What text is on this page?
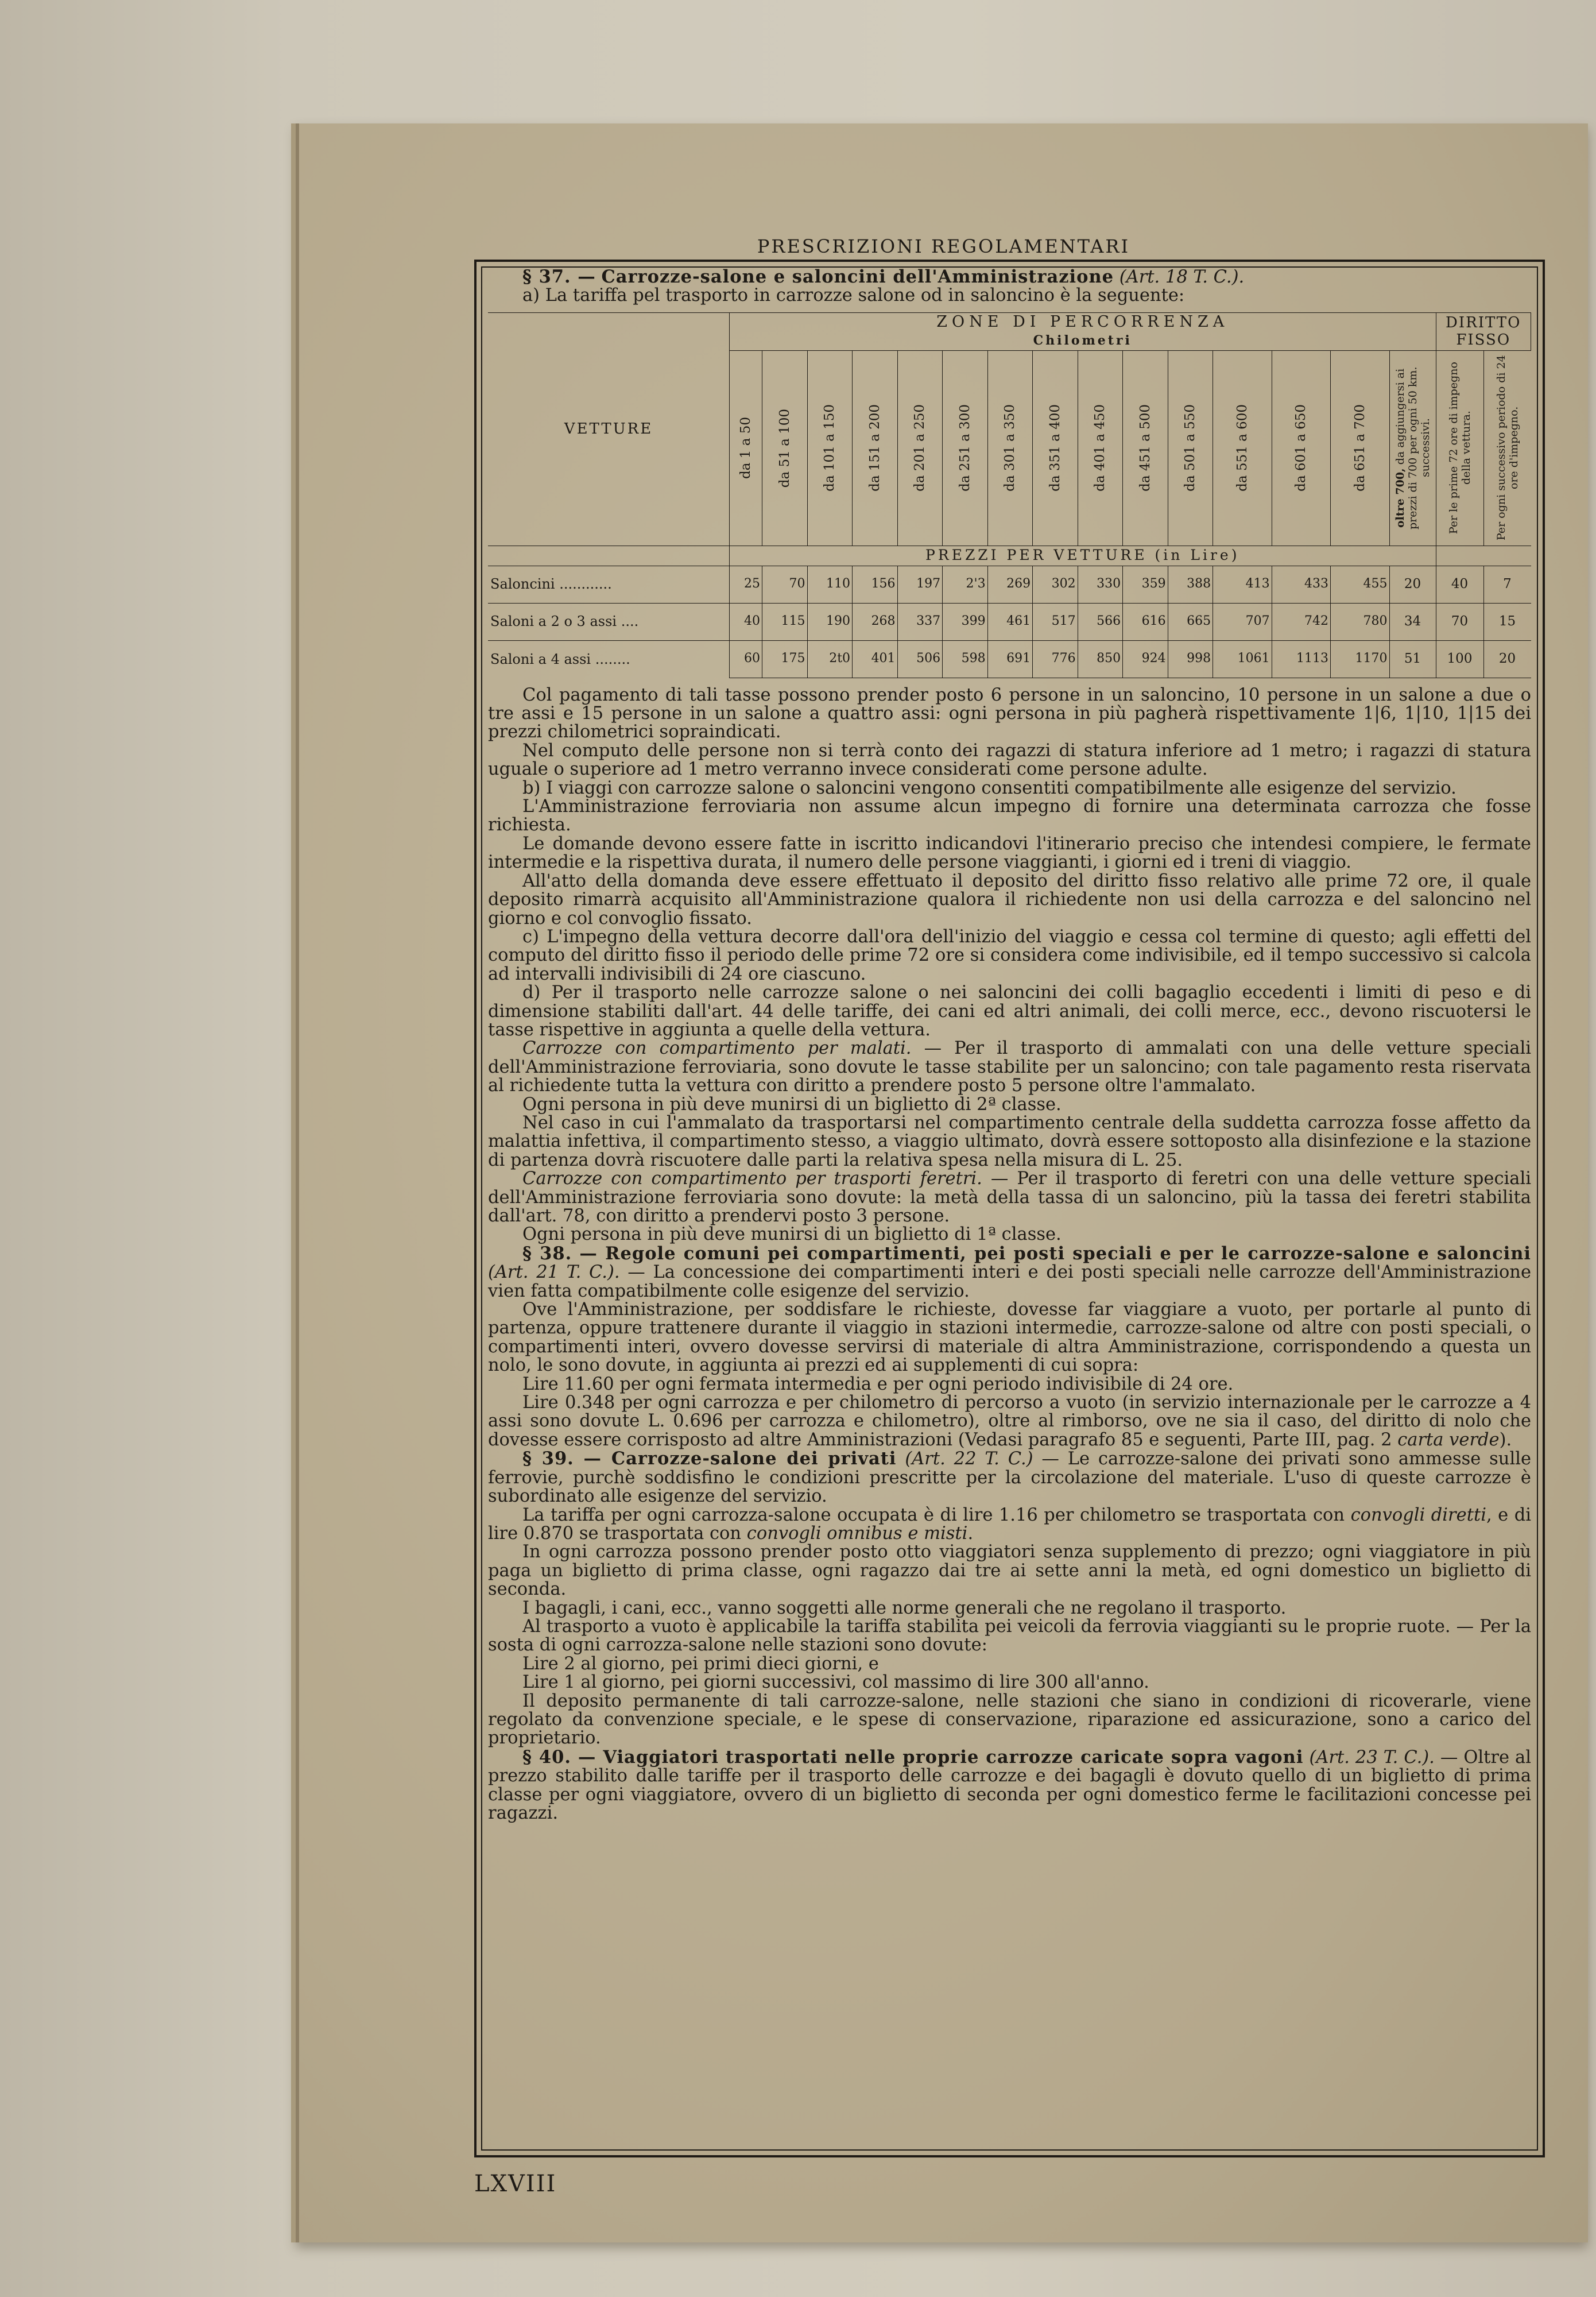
PRESCRIZIONI REGOLAMENTARI

§ 37. — Carrozze-salone e saloncini dell'Amministrazione (Art. 18 T. C.).

a) La tariffa pel trasporto in carrozze salone od in saloncino è la seguente:

VETTURE	ZONE DI PERCORRENZA
Chilometri															DIRITTO FISSO	

	da 1 a 50	da 51 a 100	da 101 a 150	da 151 a 200	da 201 a 250	da 251 a 300	da 301 a 350	da 351 a 400	da 401 a 450	da 451 a 500	da 501 a 550	da 551 a 600	da 601 a 650	da 651 a 700	oltre 700, da aggiungersi ai prezzi di 700 per ogni 50 km. successivi.	Per le prime 72 ore di impegno della vettura.	Per ogni successivo periodo di 24 ore d'impegno.

	PREZZI PER VETTURE (in Lire)																
Saloncini ............	25	70	110	156	197	2'3	269	302	330	359	388	413	433	455	20	40	7
Saloni a 2 o 3 assi ....	40	115	190	268	337	399	461	517	566	616	665	707	742	780	34	70	15
Saloni a 4 assi ........	60	175	2t0	401	506	598	691	776	850	924	998	1061	1113	1170	51	100	20

Col pagamento di tali tasse possono prender posto 6 persone in un saloncino, 10 persone in un salone a due o tre assi e 15 persone in un salone a quattro assi: ogni persona in più pagherà rispettivamente 1|6, 1|10, 1|15 dei prezzi chilometrici sopraindicati.

Nel computo delle persone non si terrà conto dei ragazzi di statura inferiore ad 1 metro; i ragazzi di statura uguale o superiore ad 1 metro verranno invece considerati come persone adulte.

b) I viaggi con carrozze salone o saloncini vengono consentiti compatibilmente alle esigenze del servizio.

L'Amministrazione ferroviaria non assume alcun impegno di fornire una determinata carrozza che fosse richiesta.

Le domande devono essere fatte in iscritto indicandovi l'itinerario preciso che intendesi compiere, le fermate intermedie e la rispettiva durata, il numero delle persone viaggianti, i giorni ed i treni di viaggio.

All'atto della domanda deve essere effettuato il deposito del diritto fisso relativo alle prime 72 ore, il quale deposito rimarrà acquisito all'Amministrazione qualora il richiedente non usi della carrozza e del saloncino nel giorno e col convoglio fissato.

c) L'impegno della vettura decorre dall'ora dell'inizio del viaggio e cessa col termine di questo; agli effetti del computo del diritto fisso il periodo delle prime 72 ore si considera come indivisibile, ed il tempo successivo si calcola ad intervalli indivisibili di 24 ore ciascuno.

d) Per il trasporto nelle carrozze salone o nei saloncini dei colli bagaglio eccedenti i limiti di peso e di dimensione stabiliti dall'art. 44 delle tariffe, dei cani ed altri animali, dei colli merce, ecc., devono riscuotersi le tasse rispettive in aggiunta a quelle della vettura.

Carrozze con compartimento per malati. — Per il trasporto di ammalati con una delle vetture speciali dell'Amministrazione ferroviaria, sono dovute le tasse stabilite per un saloncino; con tale pagamento resta riservata al richiedente tutta la vettura con diritto a prendere posto 5 persone oltre l'ammalato.

Ogni persona in più deve munirsi di un biglietto di 2ª classe.

Nel caso in cui l'ammalato da trasportarsi nel compartimento centrale della suddetta carrozza fosse affetto da malattia infettiva, il compartimento stesso, a viaggio ultimato, dovrà essere sottoposto alla disinfezione e la stazione di partenza dovrà riscuotere dalle parti la relativa spesa nella misura di L. 25.

Carrozze con compartimento per trasporti feretri. — Per il trasporto di feretri con una delle vetture speciali dell'Amministrazione ferroviaria sono dovute: la metà della tassa di un saloncino, più la tassa dei feretri stabilita dall'art. 78, con diritto a prendervi posto 3 persone.

Ogni persona in più deve munirsi di un biglietto di 1ª classe.

§ 38. — Regole comuni pei compartimenti, pei posti speciali e per le carrozze-salone e saloncini (Art. 21 T. C.). — La concessione dei compartimenti interi e dei posti speciali nelle carrozze dell'Amministrazione vien fatta compatibilmente colle esigenze del servizio.

Ove l'Amministrazione, per soddisfare le richieste, dovesse far viaggiare a vuoto, per portarle al punto di partenza, oppure trattenere durante il viaggio in stazioni intermedie, carrozze-salone od altre con posti speciali, o compartimenti interi, ovvero dovesse servirsi di materiale di altra Amministrazione, corrispondendo a questa un nolo, le sono dovute, in aggiunta ai prezzi ed ai supplementi di cui sopra:

Lire 11.60 per ogni fermata intermedia e per ogni periodo indivisibile di 24 ore.

Lire 0.348 per ogni carrozza e per chilometro di percorso a vuoto (in servizio internazionale per le carrozze a 4 assi sono dovute L. 0.696 per carrozza e chilometro), oltre al rimborso, ove ne sia il caso, del diritto di nolo che dovesse essere corrisposto ad altre Amministrazioni (Vedasi paragrafo 85 e seguenti, Parte III, pag. 2 carta verde).

§ 39. — Carrozze-salone dei privati (Art. 22 T. C.) — Le carrozze-salone dei privati sono ammesse sulle ferrovie, purchè soddisfino le condizioni prescritte per la circolazione del materiale. L'uso di queste carrozze è subordinato alle esigenze del servizio.

La tariffa per ogni carrozza-salone occupata è di lire 1.16 per chilometro se trasportata con convogli diretti, e di lire 0.870 se trasportata con convogli omnibus e misti.

In ogni carrozza possono prender posto otto viaggiatori senza supplemento di prezzo; ogni viaggiatore in più paga un biglietto di prima classe, ogni ragazzo dai tre ai sette anni la metà, ed ogni domestico un biglietto di seconda.

I bagagli, i cani, ecc., vanno soggetti alle norme generali che ne regolano il trasporto.

Al trasporto a vuoto è applicabile la tariffa stabilita pei veicoli da ferrovia viaggianti su le proprie ruote. — Per la sosta di ogni carrozza-salone nelle stazioni sono dovute:

Lire 2 al giorno, pei primi dieci giorni, e

Lire 1 al giorno, pei giorni successivi, col massimo di lire 300 all'anno.

Il deposito permanente di tali carrozze-salone, nelle stazioni che siano in condizioni di ricoverarle, viene regolato da convenzione speciale, e le spese di conservazione, riparazione ed assicurazione, sono a carico del proprietario.

§ 40. — Viaggiatori trasportati nelle proprie carrozze caricate sopra vagoni (Art. 23 T. C.). — Oltre al prezzo stabilito dalle tariffe per il trasporto delle carrozze e dei bagagli è dovuto quello di un biglietto di prima classe per ogni viaggiatore, ovvero di un biglietto di seconda per ogni domestico ferme le facilitazioni concesse pei ragazzi.

LXVIII
